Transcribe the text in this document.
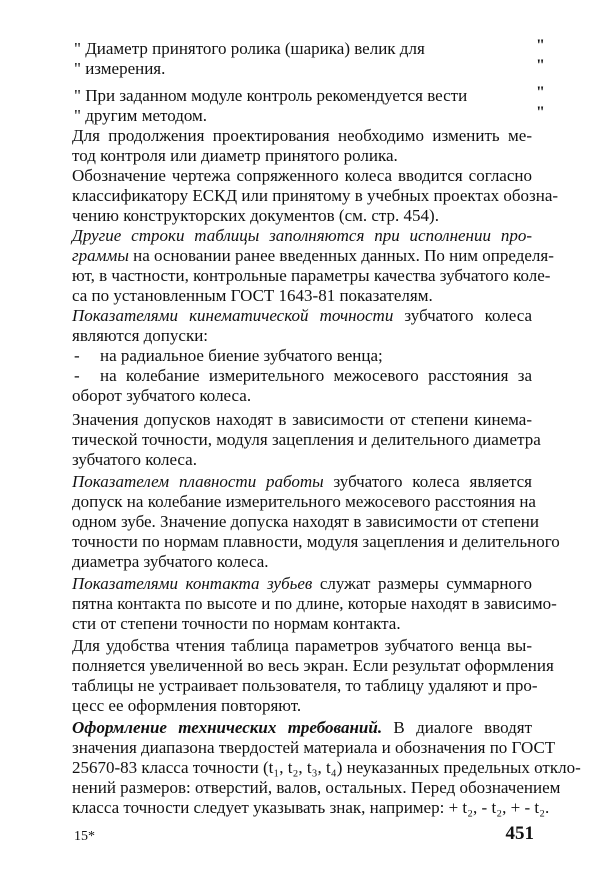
" Диаметр принятого ролика (шарика) велик для	"
" измерения.	"
" При заданном модуле контроль рекомендуется вести	"
" другим методом.	"
Для продолжения проектирования необходимо изменить ме-
тод контроля или диаметр принятого ролика.
Обозначение чертежа сопряженного колеса вводится согласно
классификатору ЕСКД или принятому в учебных проектах обозна-
чению конструкторских документов (см. стр. 454).
Другие строки таблицы заполняются при исполнении про-
граммы на основании ранее введенных данных. По ним определя-
ют, в частности, контрольные параметры качества зубчатого коле-
са по установленным ГОСТ 1643-81 показателям.
Показателями кинематической точности зубчатого колеса
являются допуски:
- на радиальное биение зубчатого венца;
- на колебание измерительного межосевого расстояния за
оборот зубчатого колеса.
Значения допусков находят в зависимости от степени кинема-
тической точности, модуля зацепления и делительного диаметра
зубчатого колеса.
Показателем плавности работы зубчатого колеса является
допуск на колебание измерительного межосевого расстояния на
одном зубе. Значение допуска находят в зависимости от степени
точности по нормам плавности, модуля зацепления и делительного
диаметра зубчатого колеса.
Показателями контакта зубьев служат размеры суммарного
пятна контакта по высоте и по длине, которые находят в зависимо-
сти от степени точности по нормам контакта.
Для удобства чтения таблица параметров зубчатого венца вы-
полняется увеличенной во весь экран. Если результат оформления
таблицы не устраивает пользователя, то таблицу удаляют и про-
цесс ее оформления повторяют.
Оформление технических требований. В диалоге вводят
значения диапазона твердостей материала и обозначения по ГОСТ
25670-83 класса точности (t₁, t₂, t₃, t₄) неуказанных предельных откло-
нений размеров: отверстий, валов, остальных. Перед обозначением
класса точности следует указывать знак, например: + t₂, - t₂, + - t₂.
15*	451
